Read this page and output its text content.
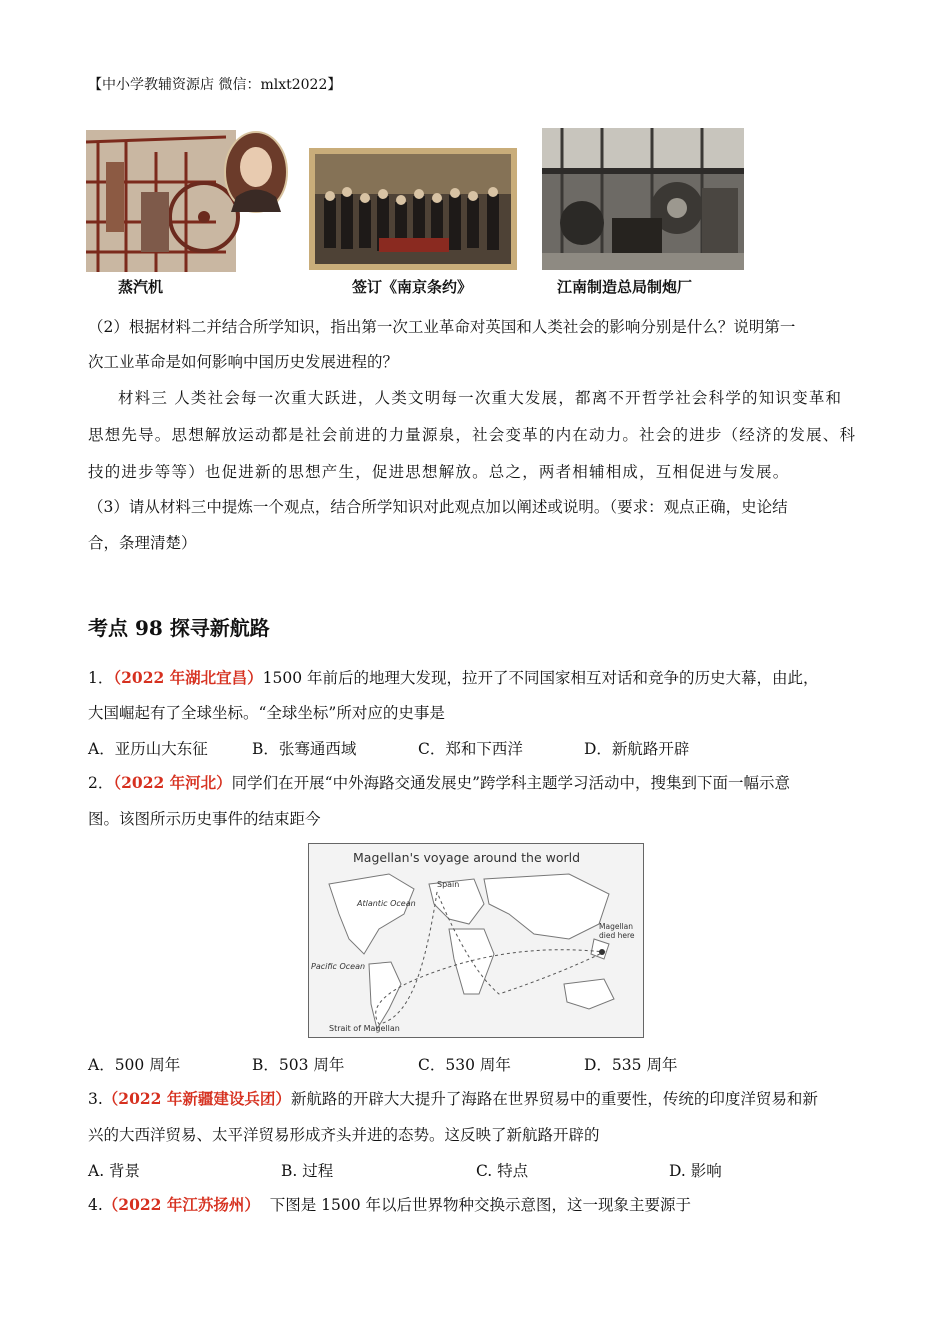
【中小学教辅资源店 微信：mlxt2022】
蒸汽机	签订《南京条约》	江南制造总局制炮厂
（2）根据材料二并结合所学知识，指出第一次工业革命对英国和人类社会的影响分别是什么？说明第一
次工业革命是如何影响中国历史发展进程的？
材料三 人类社会每一次重大跃进，人类文明每一次重大发展，都离不开哲学社会科学的知识变革和
思想先导。思想解放运动都是社会前进的力量源泉，社会变革的内在动力。社会的进步（经济的发展、科
技的进步等等）也促进新的思想产生，促进思想解放。总之，两者相辅相成，互相促进与发展。
（3）请从材料三中提炼一个观点，结合所学知识对此观点加以阐述或说明。（要求：观点正确，史论结
合，条理清楚）
考点 98 探寻新航路
1．（2022 年湖北宜昌）1500 年前后的地理大发现，拉开了不同国家相互对话和竞争的历史大幕，由此，
大国崛起有了全球坐标。“全球坐标”所对应的史事是
A．亚历山大东征	B．张骞通西域	C．郑和下西洋	D．新航路开辟
2．（2022 年河北）同学们在开展“中外海路交通发展史”跨学科主题学习活动中，搜集到下面一幅示意
图。该图所示历史事件的结束距今
Magellan's voyage around the world
Spain
Atlantic Ocean
Pacific Ocean
Strait of Magellan
Magellan
died here
A．500 周年	B．503 周年	C．530 周年	D．535 周年
3.（2022 年新疆建设兵团）新航路的开辟大大提升了海路在世界贸易中的重要性，传统的印度洋贸易和新
兴的大西洋贸易、太平洋贸易形成齐头并进的态势。这反映了新航路开辟的
A. 背景	B. 过程	C. 特点	D. 影响
4.（2022 年江苏扬州）  下图是 1500 年以后世界物种交换示意图，这一现象主要源于
